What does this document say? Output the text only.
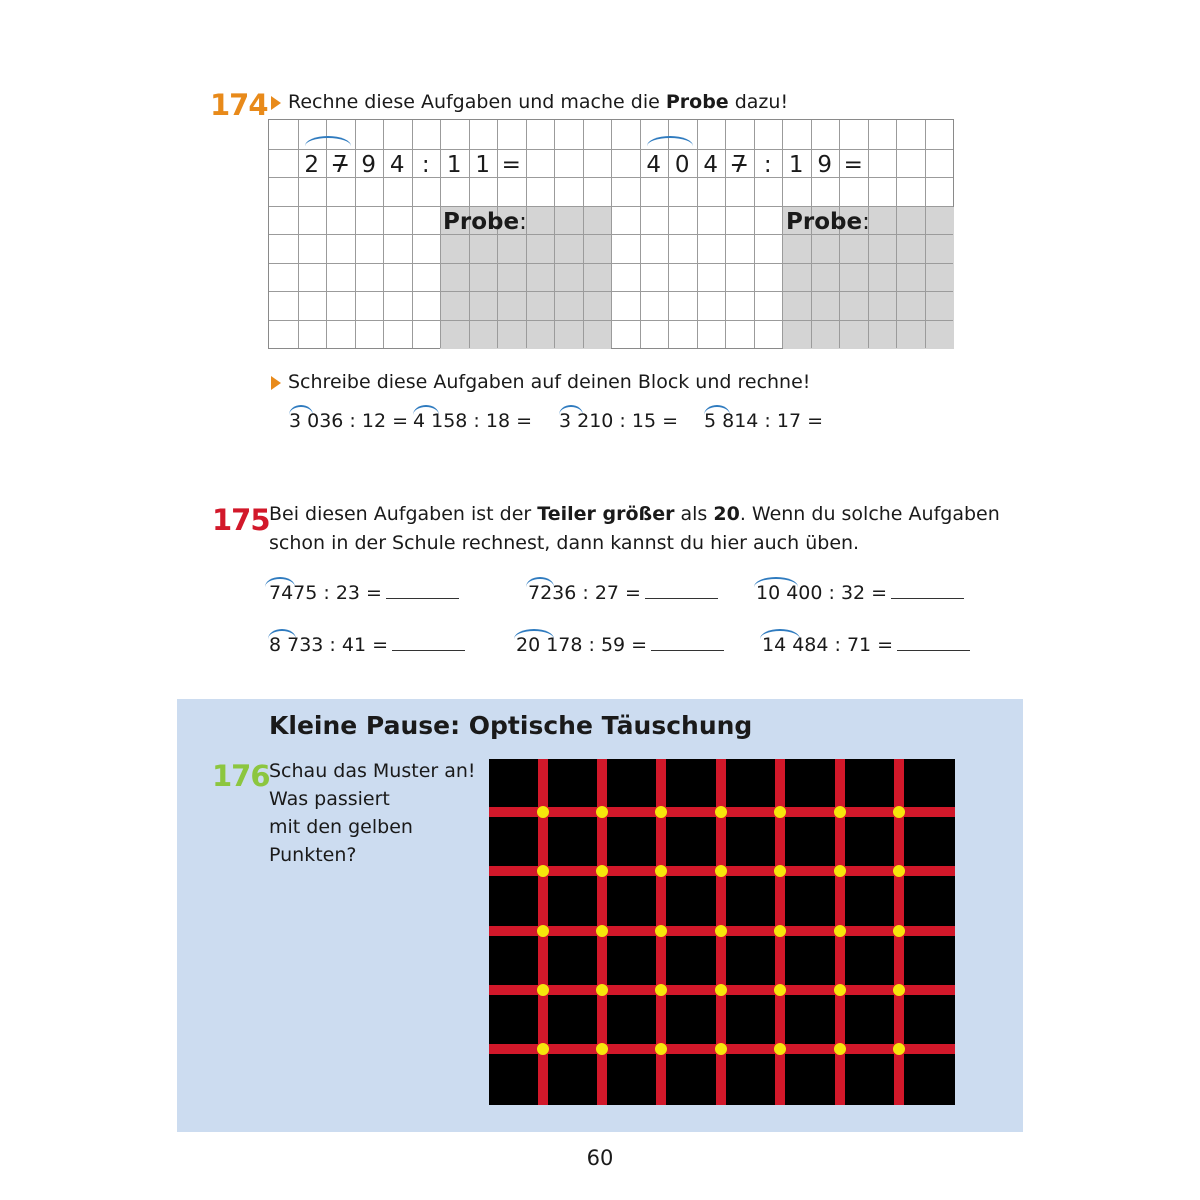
174 Rechne diese Aufgaben und mache die Probe dazu!
2 7 9 4 : 1 1 =	4 0 4 7 : 1 9 =
Probe:	Probe:
Schreibe diese Aufgaben auf deinen Block und rechne!
3 036 : 12 = 4 158 : 18 = 3 210 : 15 = 5 814 : 17 =
175 Bei diesen Aufgaben ist der Teiler größer als 20. Wenn du solche Aufgaben
schon in der Schule rechnest, dann kannst du hier auch üben.
7475 : 23 =	7236 : 27 =	10 400 : 32 =
8 733 : 41 =	20 178 : 59 =	14 484 : 71 =
Kleine Pause: Optische Täuschung
176 Schau das Muster an!
Was passiert
mit den gelben
Punkten?
60
